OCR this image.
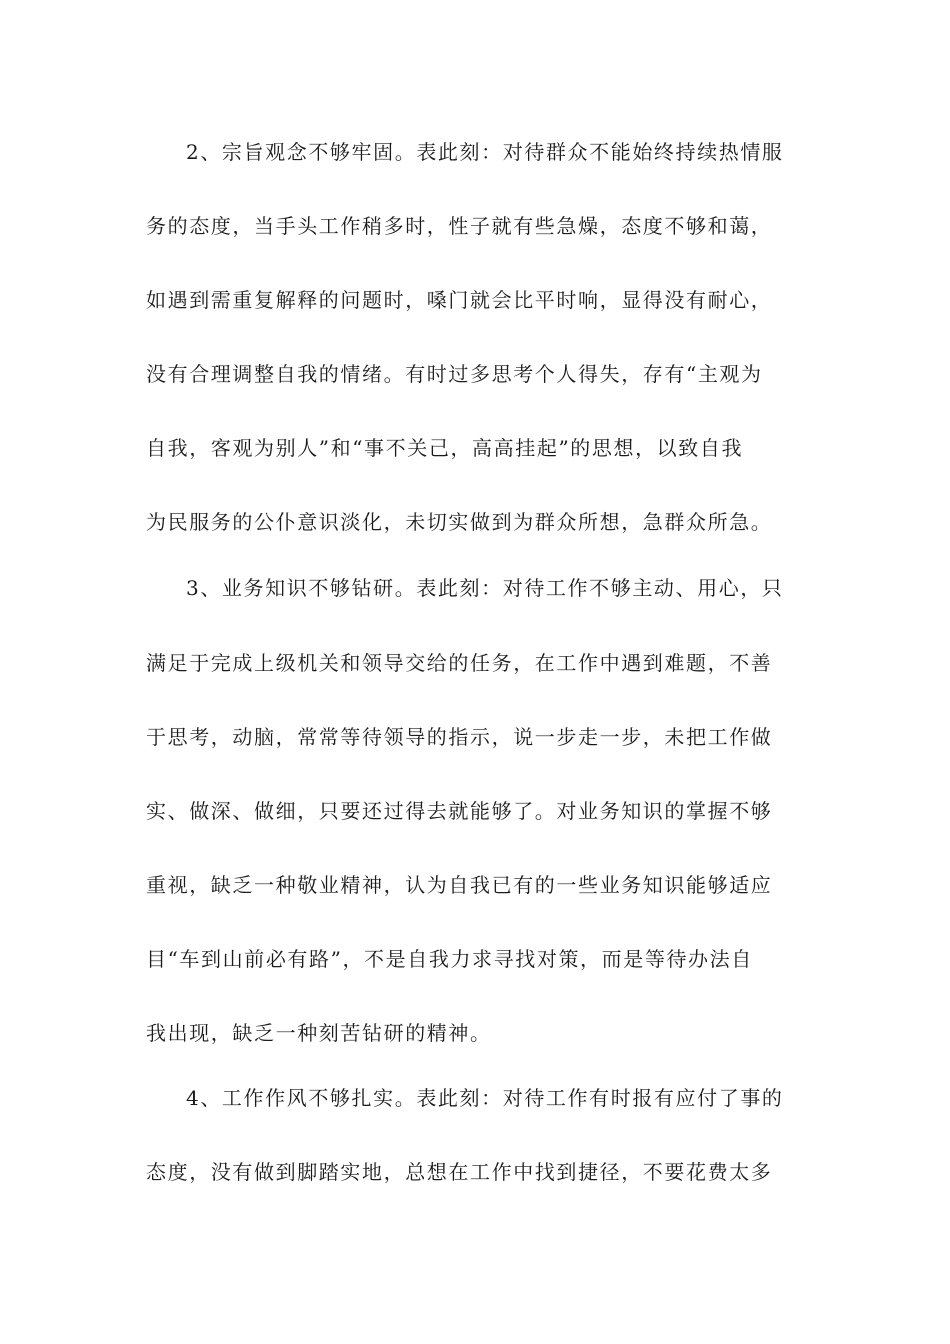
2、宗旨观念不够牢固。表此刻：对待群众不能始终持续热情服
务的态度，当手头工作稍多时，性子就有些急燥，态度不够和蔼，
如遇到需重复解释的问题时，嗓门就会比平时响，显得没有耐心，
没有合理调整自我的情绪。有时过多思考个人得失，存有“主观为
自我，客观为别人”和“事不关己，高高挂起”的思想，以致自我
为民服务的公仆意识淡化，未切实做到为群众所想，急群众所急。
3、业务知识不够钻研。表此刻：对待工作不够主动、用心，只
满足于完成上级机关和领导交给的任务，在工作中遇到难题，不善
于思考，动脑，常常等待领导的指示，说一步走一步，未把工作做
实、做深、做细，只要还过得去就能够了。对业务知识的掌握不够
重视，缺乏一种敬业精神，认为自我已有的一些业务知识能够适应
目“车到山前必有路”，不是自我力求寻找对策，而是等待办法自
我出现，缺乏一种刻苦钻研的精神。
4、工作作风不够扎实。表此刻：对待工作有时报有应付了事的
态度，没有做到脚踏实地，总想在工作中找到捷径，不要花费太多
